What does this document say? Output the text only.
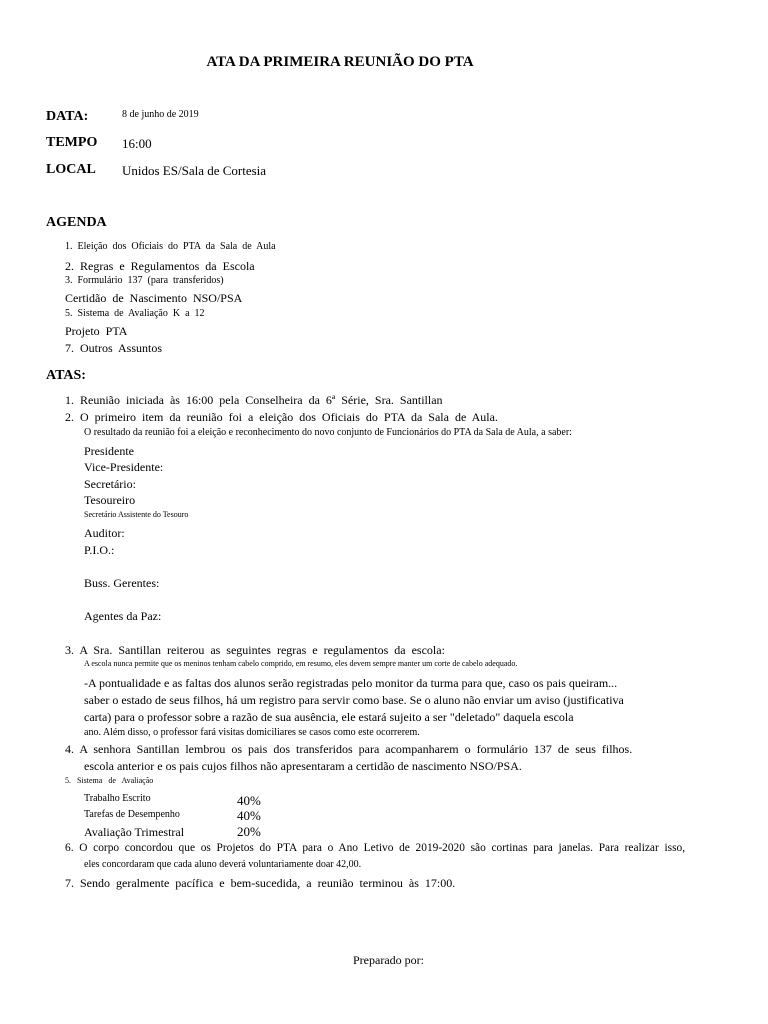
ATA DA PRIMEIRA REUNIÃO DO PTA
DATA:	8 de junho de 2019
TEMPO 16:00
LOCAL Unidos ES/Sala de Cortesia
AGENDA
1.  Eleição  dos  Oficiais  do  PTA  da  Sala  de  Aula
2.  Regras  e  Regulamentos  da  Escola
3.  Formulário  137  (para  transferidos)
Certidão  de  Nascimento  NSO/PSA
5.  Sistema  de  Avaliação  K  a  12
Projeto  PTA
7.  Outros  Assuntos
ATAS:
1.  Reunião  iniciada  às  16:00  pela  Conselheira  da  6ª  Série,  Sra.  Santillan
2.  O  primeiro  item  da  reunião  foi  a  eleição  dos  Oficiais  do  PTA  da  Sala  de  Aula.
O resultado da reunião foi a eleição e reconhecimento do novo conjunto de Funcionários do PTA da Sala de Aula, a saber:
Presidente
Vice-Presidente:
Secretário:
Tesoureiro
Secretário Assistente do Tesouro
Auditor:
P.I.O.:
Buss. Gerentes:
Agentes da Paz:
3.  A  Sra.  Santillan  reiterou  as  seguintes  regras  e  regulamentos  da  escola:
A escola nunca permite que os meninos tenham cabelo comprido, em resumo, eles devem sempre manter um corte de cabelo adequado.
-A pontualidade e as faltas dos alunos serão registradas pelo monitor da turma para que, caso os pais queiram...
saber o estado de seus filhos, há um registro para servir como base. Se o aluno não enviar um aviso (justificativa
carta) para o professor sobre a razão de sua ausência, ele estará sujeito a ser "deletado" daquela escola
ano. Além disso, o professor fará visitas domiciliares se casos como este ocorrerem.
4.  A  senhora  Santillan  lembrou  os  pais  dos  transferidos  para  acompanharem  o  formulário  137  de  seus  filhos.
escola anterior e os pais cujos filhos não apresentaram a certidão de nascimento NSO/PSA.
5.   Sistema   de   Avaliação
Trabalho Escrito	40%
Tarefas de Desempenho	40%
Avaliação Trimestral	20%
6.  O  corpo  concordou  que  os  Projetos  do  PTA  para  o  Ano  Letivo  de  2019-2020  são  cortinas  para  janelas.  Para  realizar  isso,
eles concordaram que cada aluno deverá voluntariamente doar 42,00.
7.  Sendo  geralmente  pacífica  e  bem-sucedida,  a  reunião  terminou  às  17:00.
Preparado por:
